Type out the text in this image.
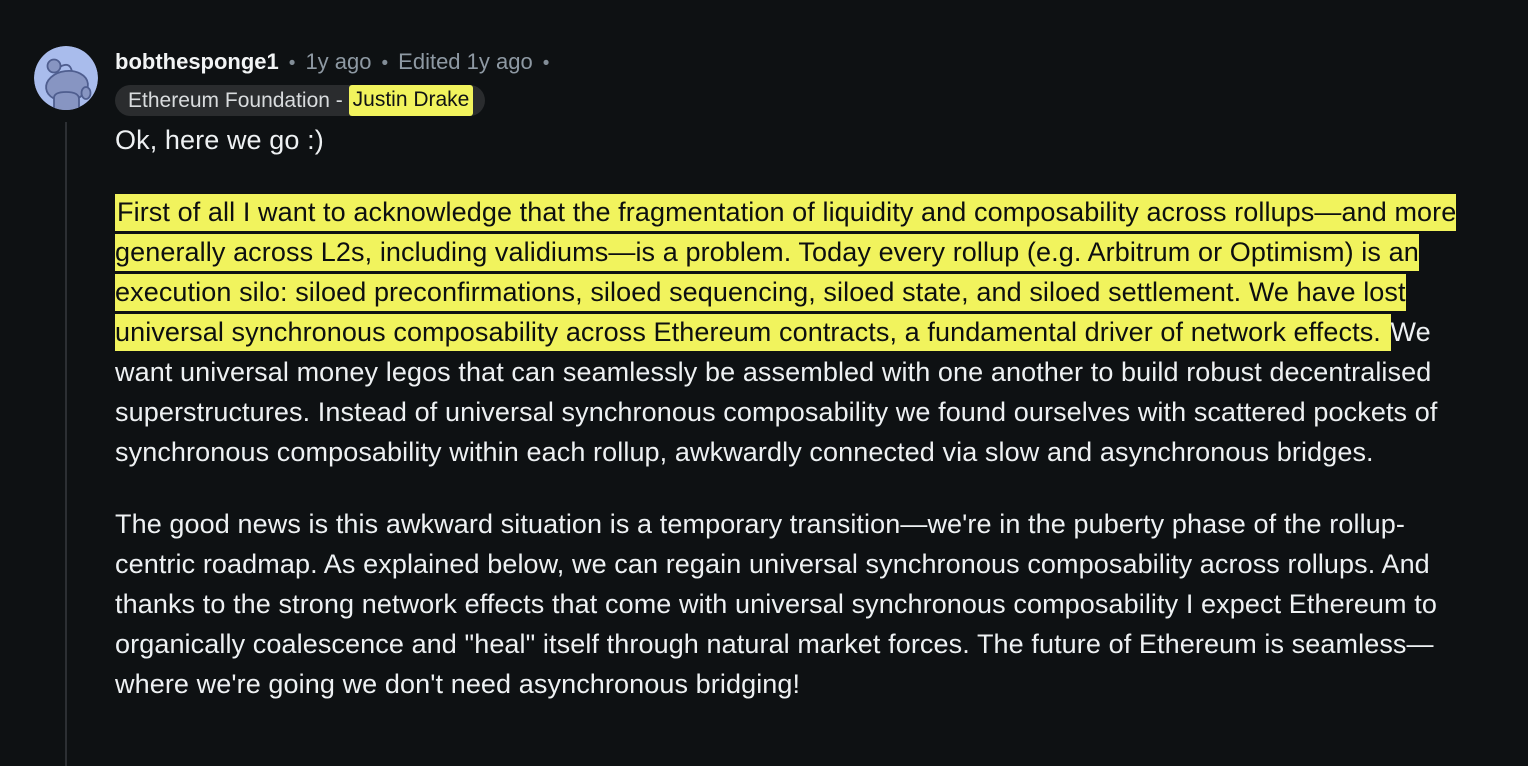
bobthesponge1 • 1y ago • Edited 1y ago •
Ethereum Foundation -
Justin Drake

Ok, here we go :)

First of all I want to acknowledge that the fragmentation of liquidity and composability across rollups—and more generally across L2s, including validiums—is a problem. Today every rollup (e.g. Arbitrum or Optimism) is an execution silo: siloed preconfirmations, siloed sequencing, siloed state, and siloed settlement. We have lost universal synchronous composability across Ethereum contracts, a fundamental driver of network effects. We want universal money legos that can seamlessly be assembled with one another to build robust decentralised superstructures. Instead of universal synchronous composability we found ourselves with scattered pockets of synchronous composability within each rollup, awkwardly connected via slow and asynchronous bridges.

The good news is this awkward situation is a temporary transition—we're in the puberty phase of the rollup-centric roadmap. As explained below, we can regain universal synchronous composability across rollups. And thanks to the strong network effects that come with universal synchronous composability I expect Ethereum to organically coalescence and "heal" itself through natural market forces. The future of Ethereum is seamless—where we're going we don't need asynchronous bridging!
